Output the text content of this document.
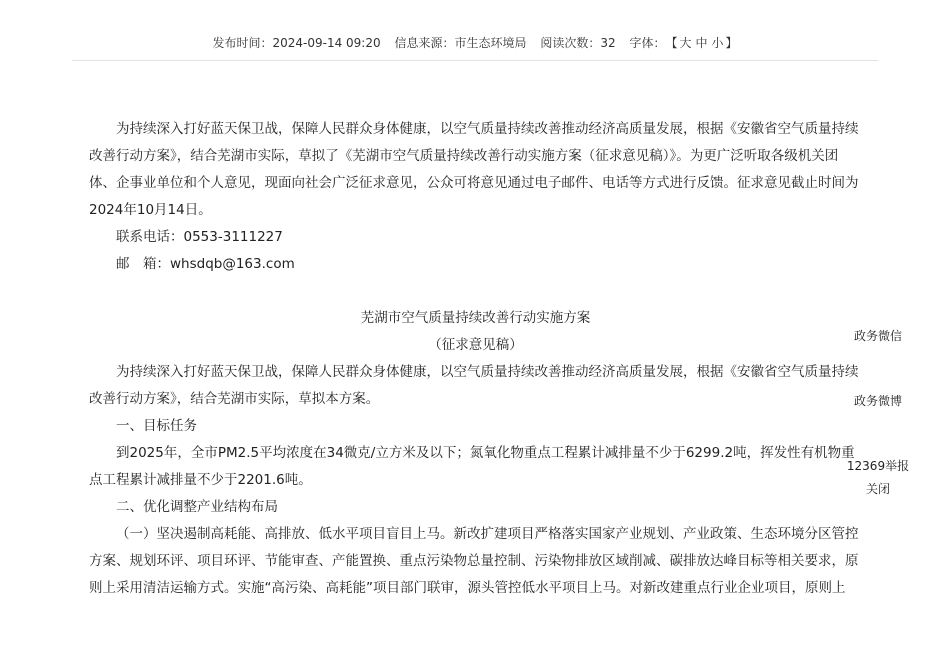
发布时间：2024-09-14 09:20 信息来源：市生态环境局 阅读次数：32 字体：【 大 中 小 】

为持续深入打好蓝天保卫战，保障人民群众身体健康，以空气质量持续改善推动经济高质量发展，根据《安徽省空气质量持续改善行动方案》，结合芜湖市实际，草拟了《芜湖市空气质量持续改善行动实施方案（征求意见稿）》。为更广泛听取各级机关团体、企事业单位和个人意见，现面向社会广泛征求意见，公众可将意见通过电子邮件、电话等方式进行反馈。征求意见截止时间为2024年10月14日。

联系电话：0553-3111227

邮　箱：whsdqb@163.com

芜湖市空气质量持续改善行动实施方案

（征求意见稿）

为持续深入打好蓝天保卫战，保障人民群众身体健康，以空气质量持续改善推动经济高质量发展，根据《安徽省空气质量持续改善行动方案》，结合芜湖市实际，草拟本方案。

一、目标任务

到2025年，全市PM2.5平均浓度在34微克/立方米及以下；氮氧化物重点工程累计减排量不少于6299.2吨，挥发性有机物重点工程累计减排量不少于2201.6吨。

二、优化调整产业结构布局

（一）坚决遏制高耗能、高排放、低水平项目盲目上马。新改扩建项目严格落实国家产业规划、产业政策、生态环境分区管控方案、规划环评、项目环评、节能审查、产能置换、重点污染物总量控制、污染物排放区域削减、碳排放达峰目标等相关要求，原则上采用清洁运输方式。实施“高污染、高耗能”项目部门联审，源头管控低水平项目上马。对新改建重点行业企业项目，原则上

政务微信
政务微博
12369举报
关闭
